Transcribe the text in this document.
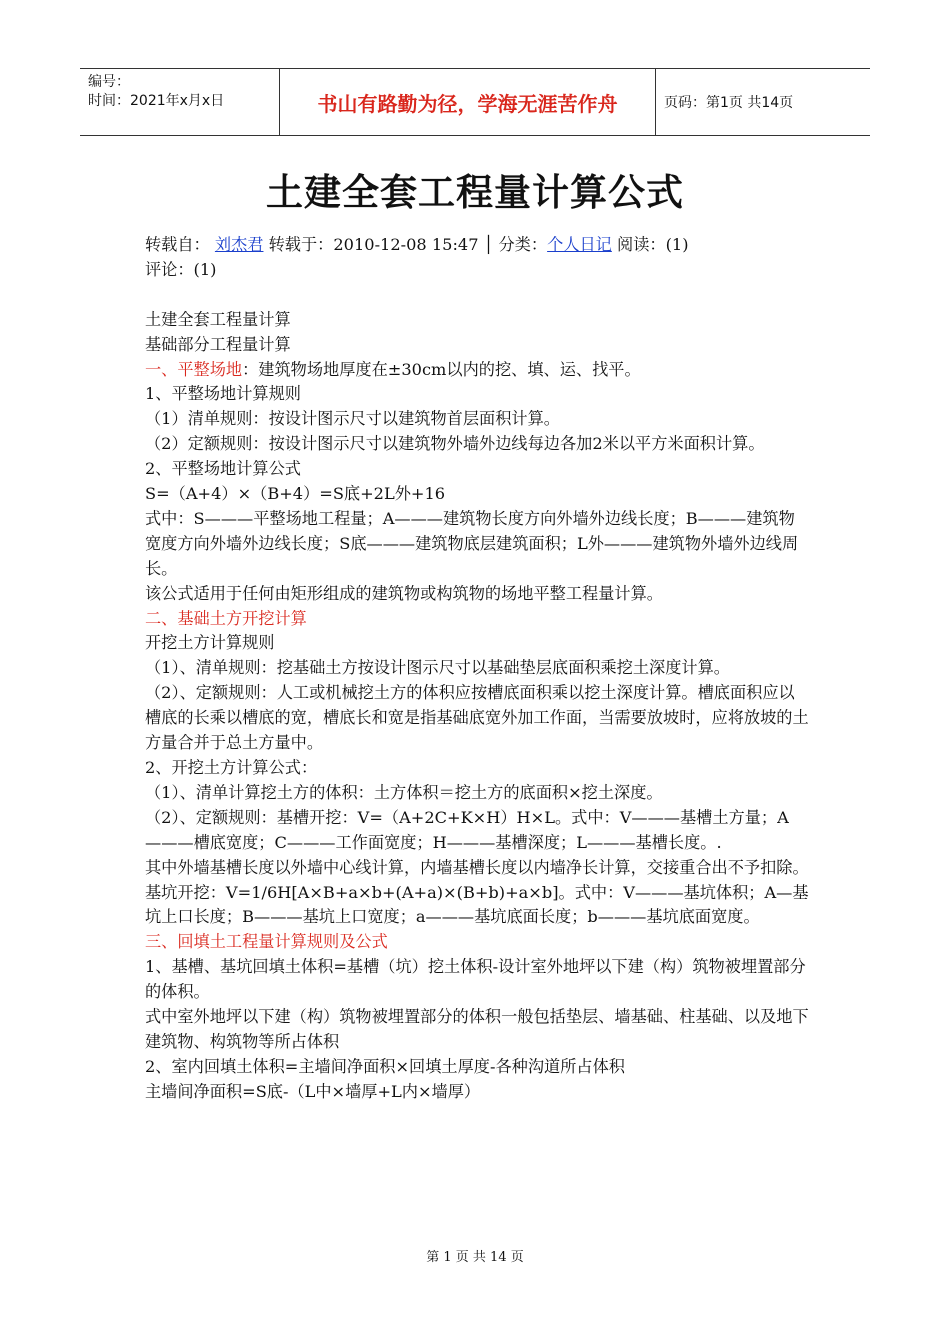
编号：
时间：2021年x月x日	书山有路勤为径，学海无涯苦作舟	页码：第1页 共14页
土建全套工程量计算公式

转载自： 刘杰君 转载于：2010-12-08 15:47 │ 分类：个人日记 阅读：(1)

评论：(1)

土建全套工程量计算

基础部分工程量计算

一、平整场地：建筑物场地厚度在±30cm以内的挖、填、运、找平。

1、平整场地计算规则

（1）清单规则：按设计图示尺寸以建筑物首层面积计算。

（2）定额规则：按设计图示尺寸以建筑物外墙外边线每边各加2米以平方米面积计算。

2、平整场地计算公式

S=（A+4）×（B+4）=S底+2L外+16

式中：S———平整场地工程量；A———建筑物长度方向外墙外边线长度；B———建筑物宽度方向外墙外边线长度；S底———建筑物底层建筑面积；L外———建筑物外墙外边线周长。

该公式适用于任何由矩形组成的建筑物或构筑物的场地平整工程量计算。

二、基础土方开挖计算

开挖土方计算规则

（1）、清单规则：挖基础土方按设计图示尺寸以基础垫层底面积乘挖土深度计算。

（2）、定额规则：人工或机械挖土方的体积应按槽底面积乘以挖土深度计算。槽底面积应以槽底的长乘以槽底的宽，槽底长和宽是指基础底宽外加工作面，当需要放坡时，应将放坡的土方量合并于总土方量中。

2、开挖土方计算公式：

（1）、清单计算挖土方的体积：土方体积＝挖土方的底面积×挖土深度。

（2）、定额规则：基槽开挖：V=（A+2C+K×H）H×L。式中：V———基槽土方量；A———槽底宽度；C———工作面宽度；H———基槽深度；L———基槽长度。.

其中外墙基槽长度以外墙中心线计算，内墙基槽长度以内墙净长计算，交接重合出不予扣除。

基坑开挖：V=1/6H[A×B+a×b+(A+a)×(B+b)+a×b]。式中：V———基坑体积；A—基坑上口长度；B———基坑上口宽度；a———基坑底面长度；b———基坑底面宽度。

三、回填土工程量计算规则及公式

1、基槽、基坑回填土体积=基槽（坑）挖土体积-设计室外地坪以下建（构）筑物被埋置部分的体积。

式中室外地坪以下建（构）筑物被埋置部分的体积一般包括垫层、墙基础、柱基础、以及地下建筑物、构筑物等所占体积

2、室内回填土体积=主墙间净面积×回填土厚度-各种沟道所占体积

主墙间净面积=S底-（L中×墙厚+L内×墙厚）

第 1 页 共 14 页
